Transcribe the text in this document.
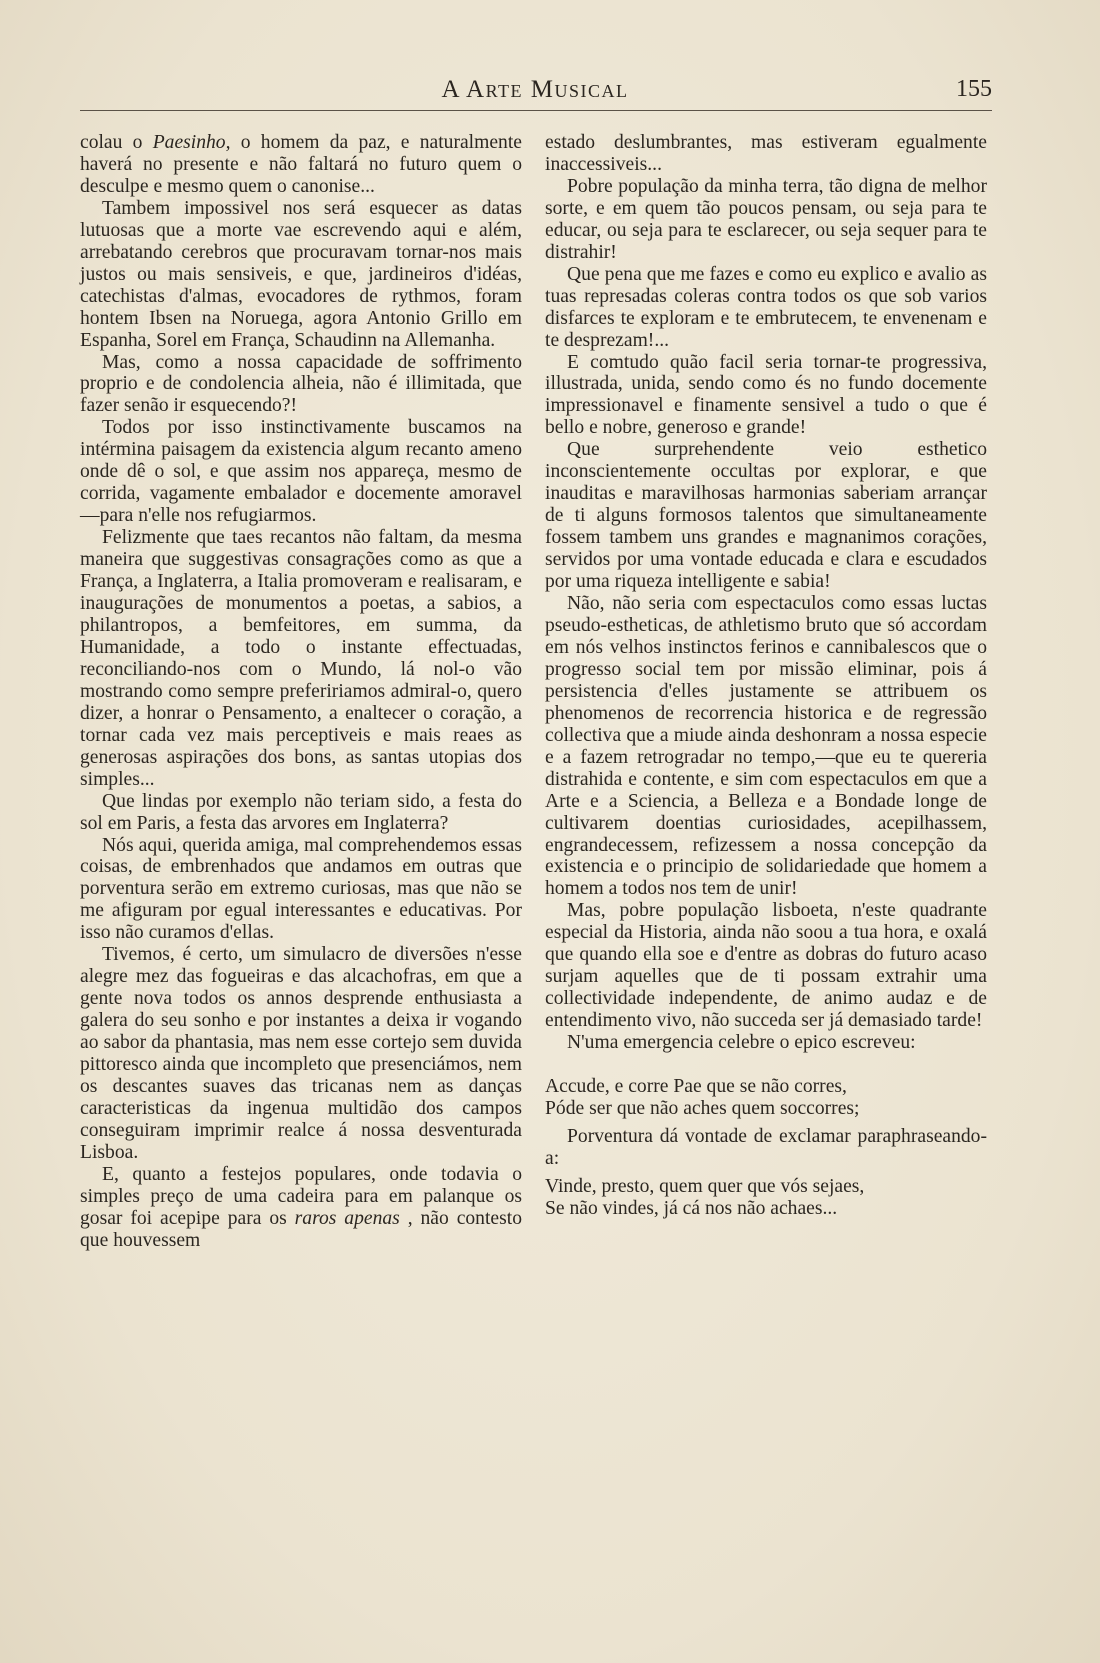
A Arte Musical	155

colau o Paesinho, o homem da paz, e naturalmente haverá no presente e não faltará no futuro quem o desculpe e mesmo quem o canonise...

Tambem impossivel nos será esquecer as datas lutuosas que a morte vae escrevendo aqui e além, arrebatando cerebros que procuravam tornar-nos mais justos ou mais sensiveis, e que, jardineiros d'idéas, catechistas d'almas, evocadores de rythmos, foram hontem Ibsen na Noruega, agora Antonio Grillo em Espanha, Sorel em França, Schaudinn na Allemanha.

Mas, como a nossa capacidade de soffrimento proprio e de condolencia alheia, não é illimitada, que fazer senão ir esquecendo?!

Todos por isso instinctivamente buscamos na intérmina paisagem da existencia algum recanto ameno onde dê o sol, e que assim nos appareça, mesmo de corrida, vagamente embalador e docemente amoravel —para n'elle nos refugiarmos.

Felizmente que taes recantos não faltam, da mesma maneira que suggestivas consagrações como as que a França, a Inglaterra, a Italia promoveram e realisaram, e inaugurações de monumentos a poetas, a sabios, a philantropos, a bemfeitores, em summa, da Humanidade, a todo o instante effectuadas, reconciliando-nos com o Mundo, lá nol-o vão mostrando como sempre prefeririamos admiral-o, quero dizer, a honrar o Pensamento, a enaltecer o coração, a tornar cada vez mais perceptiveis e mais reaes as generosas aspirações dos bons, as santas utopias dos simples...

Que lindas por exemplo não teriam sido, a festa do sol em Paris, a festa das arvores em Inglaterra?

Nós aqui, querida amiga, mal comprehendemos essas coisas, de embrenhados que andamos em outras que porventura serão em extremo curiosas, mas que não se me afiguram por egual interessantes e educativas. Por isso não curamos d'ellas.

Tivemos, é certo, um simulacro de diversões n'esse alegre mez das fogueiras e das alcachofras, em que a gente nova todos os annos desprende enthusiasta a galera do seu sonho e por instantes a deixa ir vogando ao sabor da phantasia, mas nem esse cortejo sem duvida pittoresco ainda que incompleto que presenciámos, nem os descantes suaves das tricanas nem as danças caracteristicas da ingenua multidão dos campos conseguiram imprimir realce á nossa desventurada Lisboa.

E, quanto a festejos populares, onde todavia o simples preço de uma cadeira para em palanque os gosar foi acepipe para os raros apenas , não contesto que houvessem

estado deslumbrantes, mas estiveram egualmente inaccessiveis...

Pobre população da minha terra, tão digna de melhor sorte, e em quem tão poucos pensam, ou seja para te educar, ou seja para te esclarecer, ou seja sequer para te distrahir!

Que pena que me fazes e como eu explico e avalio as tuas represadas coleras contra todos os que sob varios disfarces te exploram e te embrutecem, te envenenam e te desprezam!...

E comtudo quão facil seria tornar-te progressiva, illustrada, unida, sendo como és no fundo docemente impressionavel e finamente sensivel a tudo o que é bello e nobre, generoso e grande!

Que surprehendente veio esthetico inconscientemente occultas por explorar, e que inauditas e maravilhosas harmonias saberiam arrançar de ti alguns formosos talentos que simultaneamente fossem tambem uns grandes e magnanimos corações, servidos por uma vontade educada e clara e escudados por uma riqueza intelligente e sabia!

Não, não seria com espectaculos como essas luctas pseudo-estheticas, de athletismo bruto que só accordam em nós velhos instinctos ferinos e cannibalescos que o progresso social tem por missão eliminar, pois á persistencia d'elles justamente se attribuem os phenomenos de recorrencia historica e de regressão collectiva que a miude ainda deshonram a nossa especie e a fazem retrogradar no tempo,—que eu te quereria distrahida e contente, e sim com espectaculos em que a Arte e a Sciencia, a Belleza e a Bondade longe de cultivarem doentias curiosidades, acepilhassem, engrandecessem, refizessem a nossa concepção da existencia e o principio de solidariedade que homem a homem a todos nos tem de unir!

Mas, pobre população lisboeta, n'este quadrante especial da Historia, ainda não soou a tua hora, e oxalá que quando ella soe e d'entre as dobras do futuro acaso surjam aquelles que de ti possam extrahir uma collectividade independente, de animo audaz e de entendimento vivo, não succeda ser já demasiado tarde!

N'uma emergencia celebre o epico escreveu:

Accude, e corre Pae que se não corres,

Póde ser que não aches quem soccorres;

Porventura dá vontade de exclamar paraphraseando-a:

Vinde, presto, quem quer que vós sejaes,

Se não vindes, já cá nos não achaes...
